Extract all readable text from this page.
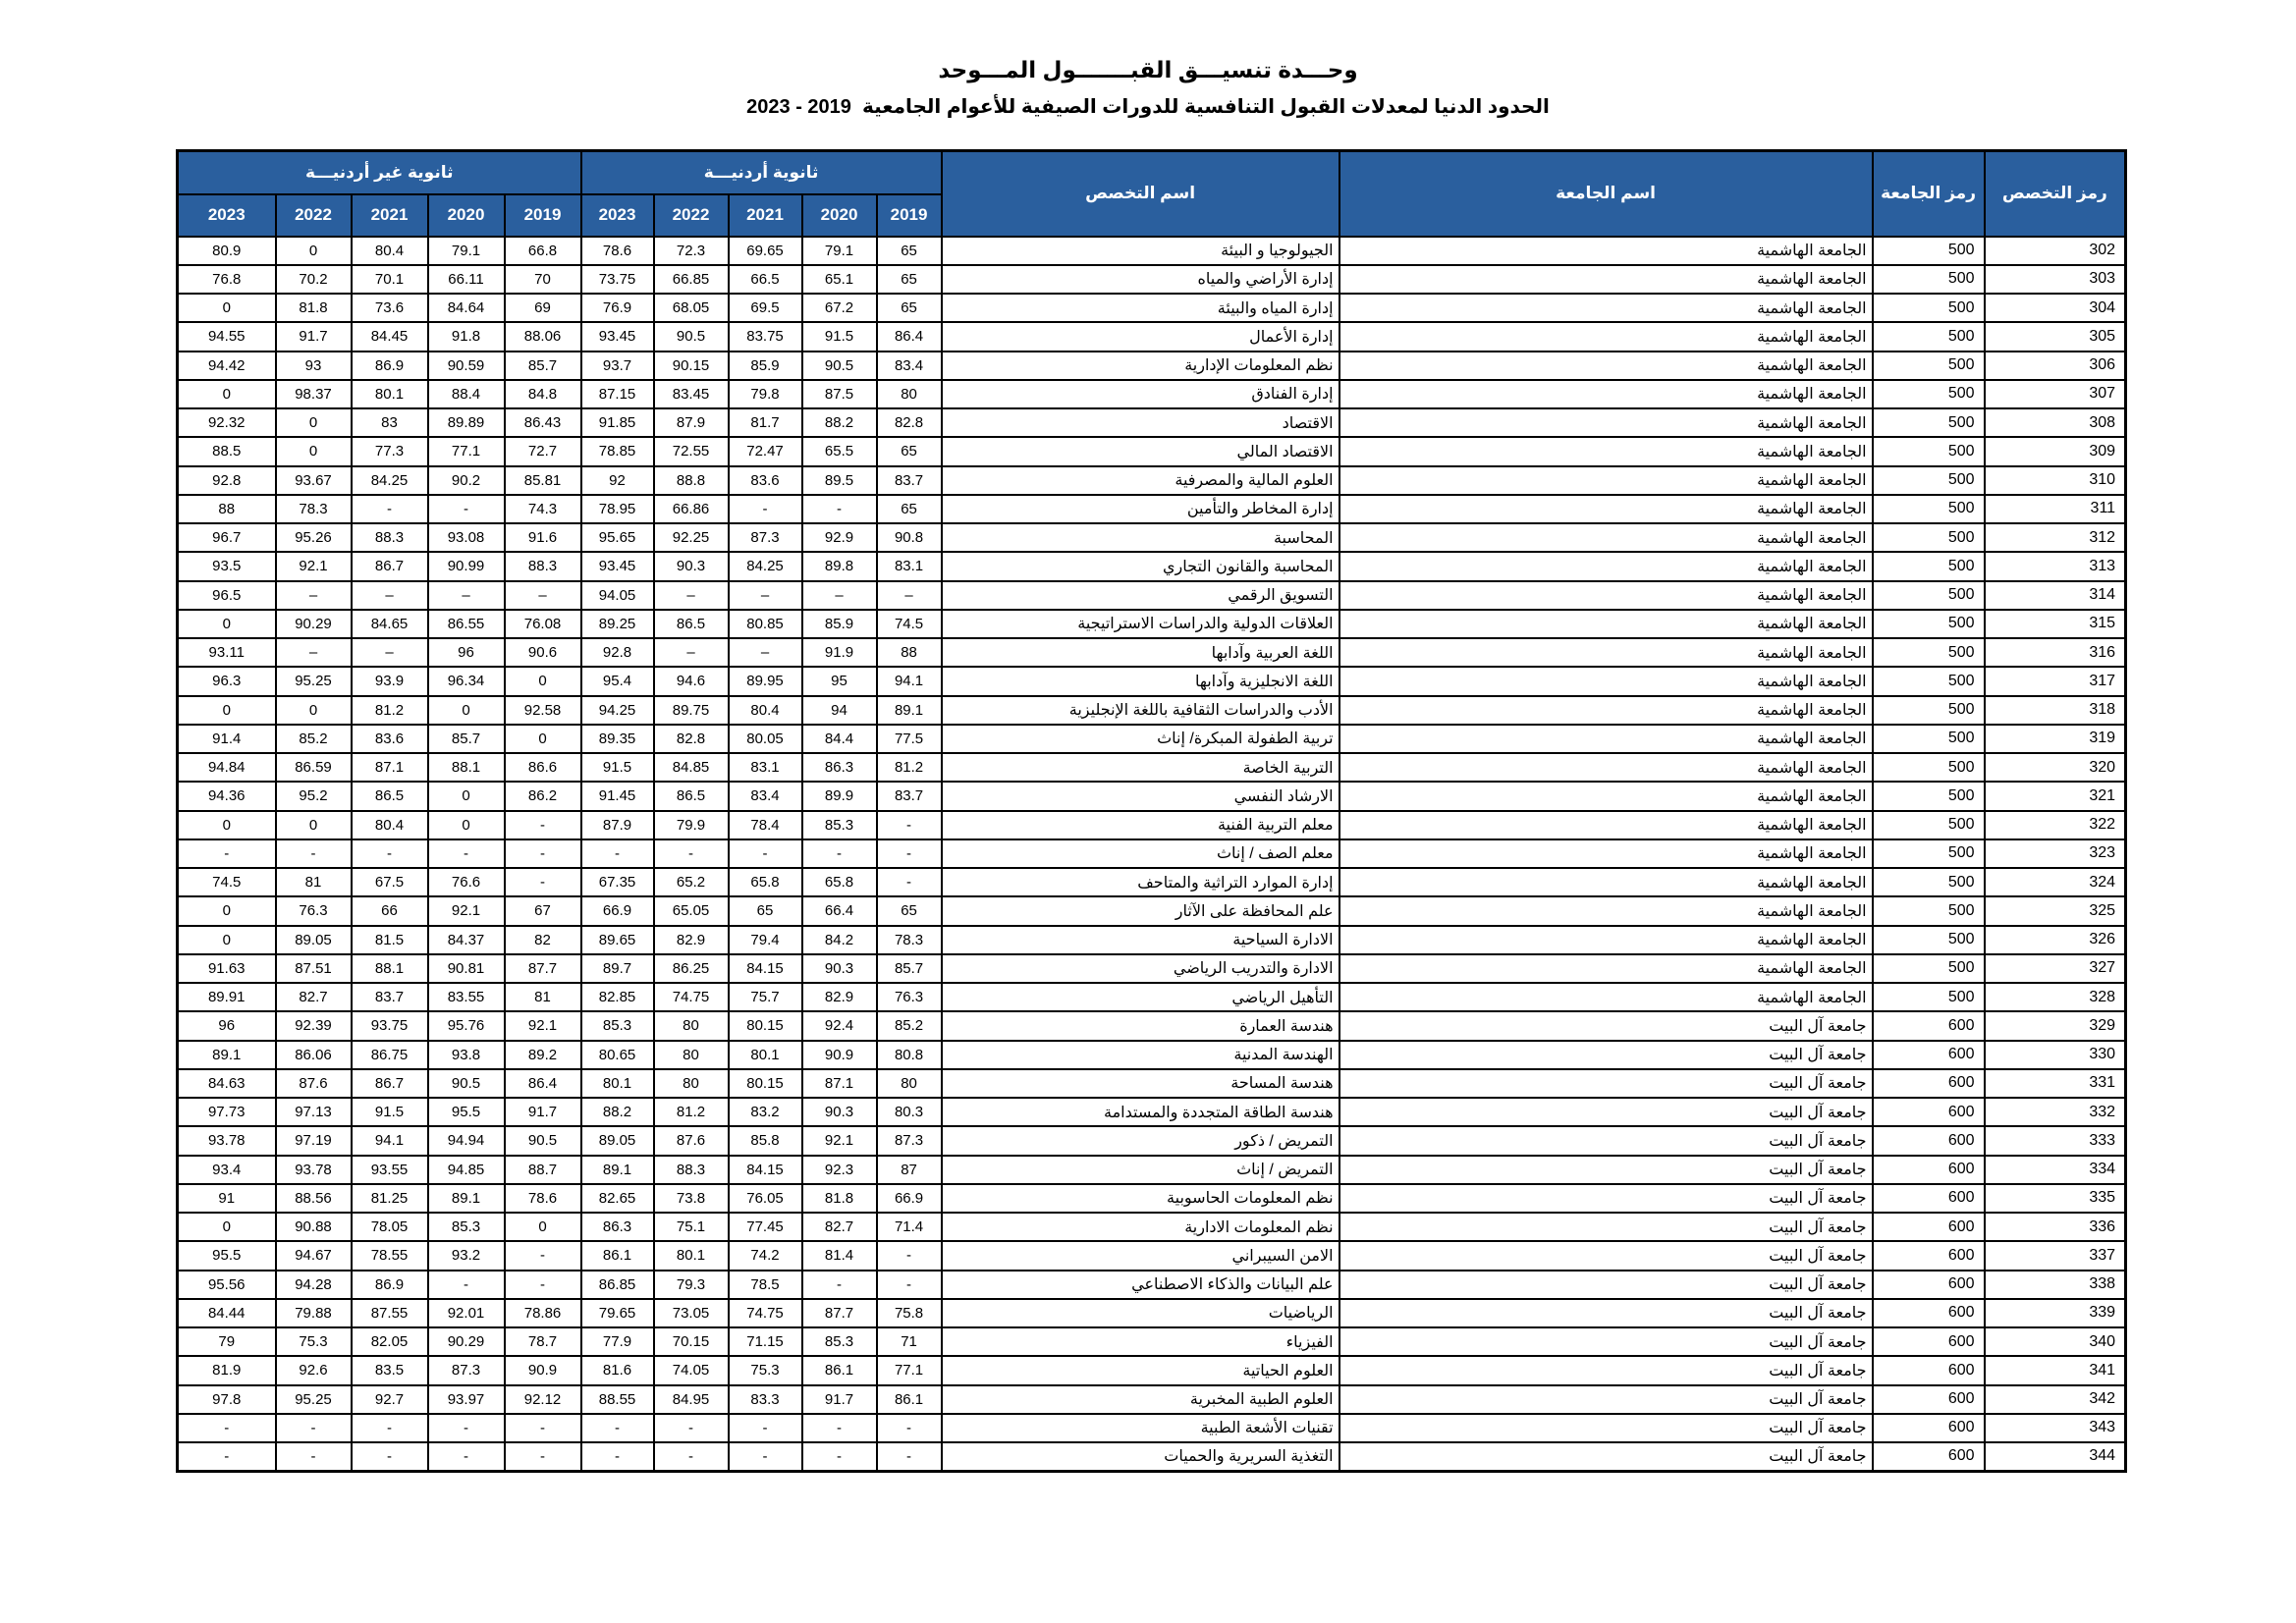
وحـــدة تنسيـــق القبـــــــول المـــوحد
الحدود الدنيا لمعدلات القبول التنافسية للدورات الصيفية للأعوام الجامعية  2019 - 2023
ثانوية غير أردنيـــة					ثانوية أردنيـــة					اسم التخصص	اسم الجامعة	رمز الجامعة	رمز التخصص
2023	2022	2021	2020	2019	2023	2022	2021	2020	2019				
80.9	0	80.4	79.1	66.8	78.6	72.3	69.65	79.1	65	الجيولوجيا و البيئة	الجامعة الهاشمية	500	302
76.8	70.2	70.1	66.11	70	73.75	66.85	66.5	65.1	65	إدارة الأراضي والمياه	الجامعة الهاشمية	500	303
0	81.8	73.6	84.64	69	76.9	68.05	69.5	67.2	65	إدارة المياه والبيئة	الجامعة الهاشمية	500	304
94.55	91.7	84.45	91.8	88.06	93.45	90.5	83.75	91.5	86.4	إدارة الأعمال	الجامعة الهاشمية	500	305
94.42	93	86.9	90.59	85.7	93.7	90.15	85.9	90.5	83.4	نظم المعلومات الإدارية	الجامعة الهاشمية	500	306
0	98.37	80.1	88.4	84.8	87.15	83.45	79.8	87.5	80	إدارة الفنادق	الجامعة الهاشمية	500	307
92.32	0	83	89.89	86.43	91.85	87.9	81.7	88.2	82.8	الاقتصاد	الجامعة الهاشمية	500	308
88.5	0	77.3	77.1	72.7	78.85	72.55	72.47	65.5	65	الاقتصاد المالي	الجامعة الهاشمية	500	309
92.8	93.67	84.25	90.2	85.81	92	88.8	83.6	89.5	83.7	العلوم المالية والمصرفية	الجامعة الهاشمية	500	310
88	78.3	-	-	74.3	78.95	66.86	-	-	65	إدارة المخاطر والتأمين	الجامعة الهاشمية	500	311
96.7	95.26	88.3	93.08	91.6	95.65	92.25	87.3	92.9	90.8	المحاسبة	الجامعة الهاشمية	500	312
93.5	92.1	86.7	90.99	88.3	93.45	90.3	84.25	89.8	83.1	المحاسبة والقانون التجاري	الجامعة الهاشمية	500	313
96.5	–	–	–	–	94.05	–	–	–	–	التسويق الرقمي	الجامعة الهاشمية	500	314
0	90.29	84.65	86.55	76.08	89.25	86.5	80.85	85.9	74.5	العلاقات الدولية والدراسات الاستراتيجية	الجامعة الهاشمية	500	315
93.11	–	–	96	90.6	92.8	–	–	91.9	88	اللغة العربية وآدابها	الجامعة الهاشمية	500	316
96.3	95.25	93.9	96.34	0	95.4	94.6	89.95	95	94.1	اللغة الانجليزية وآدابها	الجامعة الهاشمية	500	317
0	0	81.2	0	92.58	94.25	89.75	80.4	94	89.1	الأدب والدراسات الثقافية باللغة الإنجليزية	الجامعة الهاشمية	500	318
91.4	85.2	83.6	85.7	0	89.35	82.8	80.05	84.4	77.5	تربية الطفولة المبكرة/ إناث	الجامعة الهاشمية	500	319
94.84	86.59	87.1	88.1	86.6	91.5	84.85	83.1	86.3	81.2	التربية الخاصة	الجامعة الهاشمية	500	320
94.36	95.2	86.5	0	86.2	91.45	86.5	83.4	89.9	83.7	الارشاد النفسي	الجامعة الهاشمية	500	321
0	0	80.4	0	-	87.9	79.9	78.4	85.3	-	معلم التربية الفنية	الجامعة الهاشمية	500	322
-	-	-	-	-	-	-	-	-	-	معلم الصف / إناث	الجامعة الهاشمية	500	323
74.5	81	67.5	76.6	-	67.35	65.2	65.8	65.8	-	إدارة الموارد التراثية والمتاحف	الجامعة الهاشمية	500	324
0	76.3	66	92.1	67	66.9	65.05	65	66.4	65	علم المحافظة على الآثار	الجامعة الهاشمية	500	325
0	89.05	81.5	84.37	82	89.65	82.9	79.4	84.2	78.3	الادارة السياحية	الجامعة الهاشمية	500	326
91.63	87.51	88.1	90.81	87.7	89.7	86.25	84.15	90.3	85.7	الادارة والتدريب الرياضي	الجامعة الهاشمية	500	327
89.91	82.7	83.7	83.55	81	82.85	74.75	75.7	82.9	76.3	التأهيل الرياضي	الجامعة الهاشمية	500	328
96	92.39	93.75	95.76	92.1	85.3	80	80.15	92.4	85.2	هندسة العمارة	جامعة آل البيت	600	329
89.1	86.06	86.75	93.8	89.2	80.65	80	80.1	90.9	80.8	الهندسة المدنية	جامعة آل البيت	600	330
84.63	87.6	86.7	90.5	86.4	80.1	80	80.15	87.1	80	هندسة المساحة	جامعة آل البيت	600	331
97.73	97.13	91.5	95.5	91.7	88.2	81.2	83.2	90.3	80.3	هندسة الطاقة المتجددة والمستدامة	جامعة آل البيت	600	332
93.78	97.19	94.1	94.94	90.5	89.05	87.6	85.8	92.1	87.3	التمريض / ذكور	جامعة آل البيت	600	333
93.4	93.78	93.55	94.85	88.7	89.1	88.3	84.15	92.3	87	التمريض / إناث	جامعة آل البيت	600	334
91	88.56	81.25	89.1	78.6	82.65	73.8	76.05	81.8	66.9	نظم المعلومات الحاسوبية	جامعة آل البيت	600	335
0	90.88	78.05	85.3	0	86.3	75.1	77.45	82.7	71.4	نظم المعلومات الادارية	جامعة آل البيت	600	336
95.5	94.67	78.55	93.2	-	86.1	80.1	74.2	81.4	-	الامن السيبراني	جامعة آل البيت	600	337
95.56	94.28	86.9	-	-	86.85	79.3	78.5	-	-	علم البيانات والذكاء الاصطناعي	جامعة آل البيت	600	338
84.44	79.88	87.55	92.01	78.86	79.65	73.05	74.75	87.7	75.8	الرياضيات	جامعة آل البيت	600	339
79	75.3	82.05	90.29	78.7	77.9	70.15	71.15	85.3	71	الفيزياء	جامعة آل البيت	600	340
81.9	92.6	83.5	87.3	90.9	81.6	74.05	75.3	86.1	77.1	العلوم الحياتية	جامعة آل البيت	600	341
97.8	95.25	92.7	93.97	92.12	88.55	84.95	83.3	91.7	86.1	العلوم الطبية المخبرية	جامعة آل البيت	600	342
-	-	-	-	-	-	-	-	-	-	تقنيات الأشعة الطبية	جامعة آل البيت	600	343
-	-	-	-	-	-	-	-	-	-	التغذية السريرية والحميات	جامعة آل البيت	600	344
